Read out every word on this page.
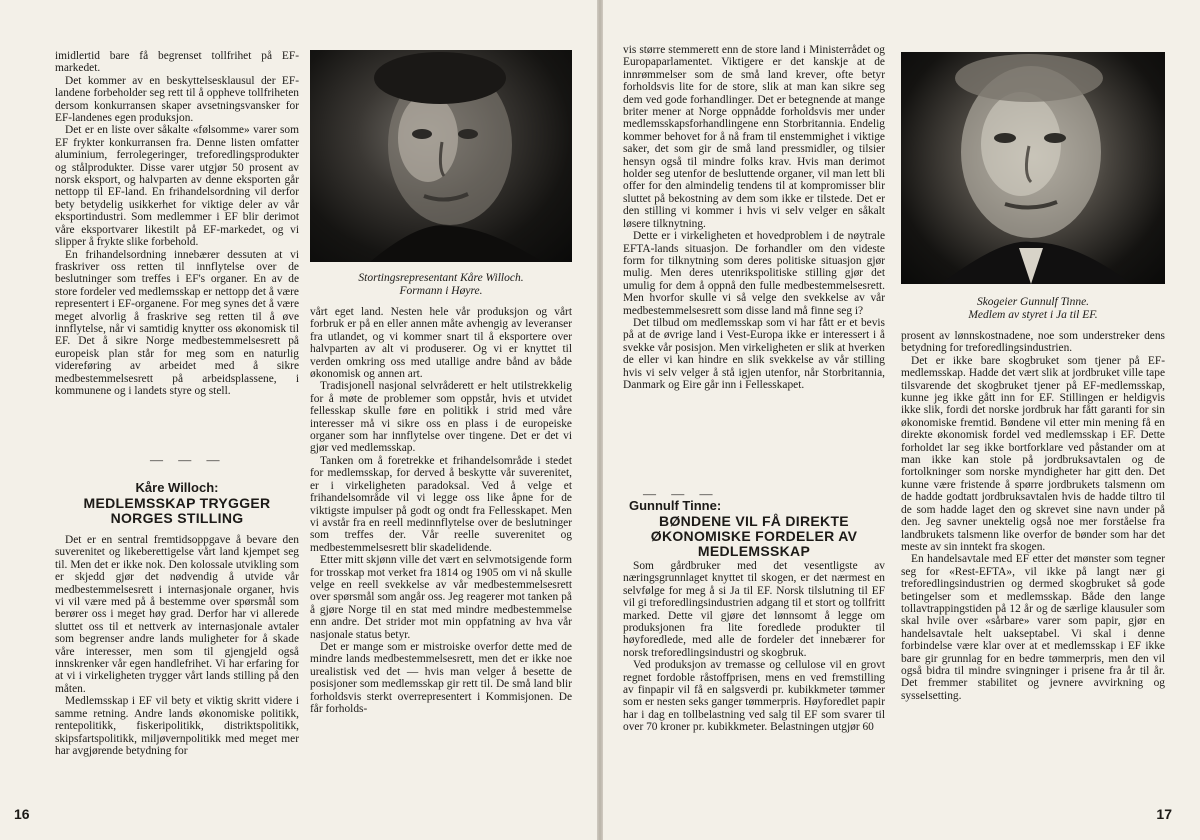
imidlertid bare få begrenset tollfrihet på EF-markedet.

Det kommer av en beskyttelsesklausul der EF-landene forbeholder seg rett til å oppheve tollfriheten dersom konkurransen skaper avsetningsvansker for EF-landenes egen produksjon.

Det er en liste over såkalte «følsomme» varer som EF frykter konkurransen fra. Denne listen omfatter aluminium, ferrolegeringer, treforedlingsprodukter og stålprodukter. Disse varer utgjør 50 prosent av norsk eksport, og halvparten av denne eksporten går nettopp til EF-land. En frihandelsordning vil derfor bety betydelig usikkerhet for viktige deler av vår eksportindustri. Som medlemmer i EF blir derimot våre eksportvarer likestilt på EF-markedet, og vi slipper å frykte slike forbehold.

En frihandelsordning innebærer dessuten at vi fraskriver oss retten til innflytelse over de beslutninger som treffes i EF's organer. En av de store fordeler ved medlemsskap er nettopp det å være representert i EF-organene. For meg synes det å være meget alvorlig å fraskrive seg retten til å øve innflytelse, når vi samtidig knytter oss økonomisk til EF. Det å sikre Norge medbestemmelsesrett på europeisk plan står for meg som en naturlig videreføring av arbeidet med å sikre medbestemmelsesrett på arbeidsplassene, i kommunene og i landets styre og stell.

— — —
Kåre Willoch:
MEDLEMSSKAP TRYGGER
NORGES STILLING

Det er en sentral fremtidsoppgave å bevare den suverenitet og likeberettigelse vårt land kjempet seg til. Men det er ikke nok. Den kolossale utvikling som er skjedd gjør det nødvendig å utvide vår medbestemmelsesrett i internasjonale organer, hvis vi vil være med på å bestemme over spørsmål som berører oss i meget høy grad. Derfor har vi allerede sluttet oss til et nettverk av internasjonale avtaler som begrenser andre lands muligheter for å skade våre interesser, men som til gjengjeld også innskrenker vår egen handlefrihet. Vi har erfaring for at vi i virkeligheten trygger vårt lands stilling på den måten.

Medlemsskap i EF vil bety et viktig skritt videre i samme retning. Andre lands økonomiske politikk, rentepolitikk, fiskeripolitikk, distriktspolitikk, skipsfartspolitikk, miljøvernpolitikk med meget mer har avgjørende betydning for

Stortingsrepresentant Kåre Willoch.
Formann i Høyre.

vårt eget land. Nesten hele vår produksjon og vårt forbruk er på en eller annen måte avhengig av leveranser fra utlandet, og vi kommer snart til å eksportere over halvparten av alt vi produserer. Og vi er knyttet til verden omkring oss med utallige andre bånd av både økonomisk og annen art.

Tradisjonell nasjonal selvråderett er helt utilstrekkelig for å møte de problemer som oppstår, hvis et utvidet fellesskap skulle føre en politikk i strid med våre interesser må vi sikre oss en plass i de europeiske organer som har innflytelse over tingene. Det er det vi gjør ved medlemsskap.

Tanken om å foretrekke et frihandelsområde i stedet for medlemsskap, for derved å beskytte vår suverenitet, er i virkeligheten paradoksal. Ved å velge et frihandelsområde vil vi legge oss like åpne for de viktigste impulser på godt og ondt fra Fellesskapet. Men vi avstår fra en reell medinnflytelse over de beslutninger som treffes der. Vår reelle suverenitet og medbestemmelsesrett blir skadelidende.

Etter mitt skjønn ville det vært en selvmotsigende form for trosskap mot verket fra 1814 og 1905 om vi nå skulle velge en reell svekkelse av vår medbestemmelsesrett over spørsmål som angår oss. Jeg reagerer mot tanken på å gjøre Norge til en stat med mindre medbestemmelse enn andre. Det strider mot min oppfatning av hva vår nasjonale status betyr.

Det er mange som er mistroiske overfor dette med de mindre lands medbestemmelsesrett, men det er ikke noe urealistisk ved det — hvis man velger å besette de posisjoner som medlemsskap gir rett til. De små land blir forholdsvis sterkt overrepresentert i Kommisjonen. De får forholds-

16

vis større stemmerett enn de store land i Ministerrådet og Europaparlamentet. Viktigere er det kanskje at de innrømmelser som de små land krever, ofte betyr forholdsvis lite for de store, slik at man kan sikre seg dem ved gode forhandlinger. Det er betegnende at mange briter mener at Norge oppnådde forholdsvis mer under medlemsskapsforhandlingene enn Storbritannia. Endelig kommer behovet for å nå fram til enstemmighet i viktige saker, det som gir de små land pressmidler, og tilsier hensyn også til mindre folks krav. Hvis man derimot holder seg utenfor de besluttende organer, vil man lett bli offer for den almindelig tendens til at kompromisser blir sluttet på bekostning av dem som ikke er tilstede. Det er den stilling vi kommer i hvis vi selv velger en såkalt løsere tilknytning.

Dette er i virkeligheten et hovedproblem i de nøytrale EFTA-lands situasjon. De forhandler om den videste form for tilknytning som deres politiske situasjon gjør mulig. Men deres utenrikspolitiske stilling gjør det umulig for dem å oppnå den fulle medbestemmelsesrett. Men hvorfor skulle vi så velge den svekkelse av vår medbestemmelsesrett som disse land må finne seg i?

Det tilbud om medlemsskap som vi har fått er et bevis på at de øvrige land i Vest-Europa ikke er interessert i å svekke vår posisjon. Men virkeligheten er slik at hverken de eller vi kan hindre en slik svekkelse av vår stilling hvis vi selv velger å stå igjen utenfor, når Storbritannia, Danmark og Eire går inn i Fellesskapet.

— — —
Gunnulf Tinne:
BØNDENE VIL FÅ DIREKTE
ØKONOMISKE FORDELER AV
MEDLEMSSKAP

Som gårdbruker med det vesentligste av næringsgrunnlaget knyttet til skogen, er det nærmest en selvfølge for meg å si Ja til EF. Norsk tilslutning til EF vil gi treforedlingsindustrien adgang til et stort og tollfritt marked. Dette vil gjøre det lønnsomt å legge om produksjonen fra lite foredlede produkter til høyforedlede, med alle de fordeler det innebærer for norsk treforedlingsindustri og skogbruk.

Ved produksjon av tremasse og cellulose vil en grovt regnet fordoble råstoffprisen, mens en ved fremstilling av finpapir vil få en salgsverdi pr. kubikkmeter tømmer som er nesten seks ganger tømmerpris. Høyforedlet papir har i dag en tollbelastning ved salg til EF som svarer til over 70 kroner pr. kubikkmeter. Belastningen utgjør 60

Skogeier Gunnulf Tinne.
Medlem av styret i Ja til EF.

prosent av lønnskostnadene, noe som understreker dens betydning for treforedlingsindustrien.

Det er ikke bare skogbruket som tjener på EF-medlemsskap. Hadde det vært slik at jordbruket ville tape tilsvarende det skogbruket tjener på EF-medlemsskap, kunne jeg ikke gått inn for EF. Stillingen er heldigvis ikke slik, fordi det norske jordbruk har fått garanti for sin økonomiske fremtid. Bøndene vil etter min mening få en direkte økonomisk fordel ved medlemsskap i EF. Dette forholdet lar seg ikke bortforklare ved påstander om at man ikke kan stole på jordbruksavtalen og de fortolkninger som norske myndigheter har gitt den. Det kunne være fristende å spørre jordbrukets talsmenn om de hadde godtatt jordbruksavtalen hvis de hadde tiltro til de som hadde laget den og skrevet sine navn under på den. Jeg savner unektelig også noe mer forståelse fra landbrukets talsmenn like overfor de bønder som har det meste av sin inntekt fra skogen.

En handelsavtale med EF etter det mønster som tegner seg for «Rest-EFTA», vil ikke på langt nær gi treforedlingsindustrien og dermed skogbruket så gode betingelser som et medlemsskap. Både den lange tollavtrappingstiden på 12 år og de særlige klausuler som skal hvile over «sårbare» varer som papir, gjør en handelsavtale helt uakseptabel. Vi skal i denne forbindelse være klar over at et medlemsskap i EF ikke bare gir grunnlag for en bedre tømmerpris, men den vil også bidra til mindre svingninger i prisene fra år til år. Det fremmer stabilitet og jevnere avvirkning og sysselsetting.

17
